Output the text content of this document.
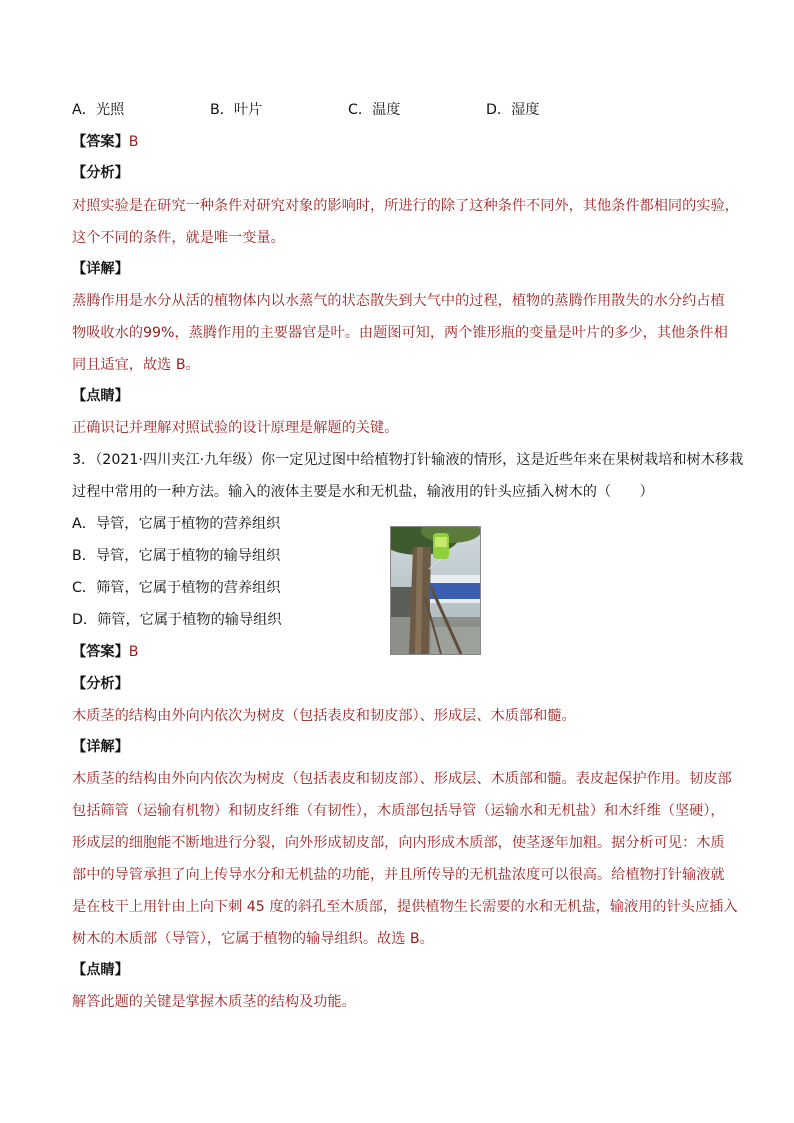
A．光照	B．叶片	C．温度	D．湿度
【答案】B
【分析】
对照实验是在研究一种条件对研究对象的影响时，所进行的除了这种条件不同外，其他条件都相同的实验，
这个不同的条件，就是唯一变量。
【详解】
蒸腾作用是水分从活的植物体内以水蒸气的状态散失到大气中的过程，植物的蒸腾作用散失的水分约占植
物吸收水的99%，蒸腾作用的主要器官是叶。由题图可知，两个锥形瓶的变量是叶片的多少，其他条件相
同且适宜，故选 B。
【点睛】
正确识记并理解对照试验的设计原理是解题的关键。
3．（2021·四川夹江·九年级）你一定见过图中给植物打针输液的情形，这是近些年来在果树栽培和树木移栽
过程中常用的一种方法。输入的液体主要是水和无机盐，输液用的针头应插入树木的（　　）
A．导管，它属于植物的营养组织
B．导管，它属于植物的输导组织
C．筛管，它属于植物的营养组织
D．筛管，它属于植物的输导组织
【答案】B
【分析】
木质茎的结构由外向内依次为树皮（包括表皮和韧皮部）、形成层、木质部和髓。
【详解】
木质茎的结构由外向内依次为树皮（包括表皮和韧皮部）、形成层、木质部和髓。表皮起保护作用。韧皮部
包括筛管（运输有机物）和韧皮纤维（有韧性），木质部包括导管（运输水和无机盐）和木纤维（坚硬），
形成层的细胞能不断地进行分裂，向外形成韧皮部，向内形成木质部，使茎逐年加粗。据分析可见：木质
部中的导管承担了向上传导水分和无机盐的功能，并且所传导的无机盐浓度可以很高。给植物打针输液就
是在枝干上用针由上向下刺 45 度的斜孔至木质部，提供植物生长需要的水和无机盐，输液用的针头应插入
树木的木质部（导管），它属于植物的输导组织。故选 B。
【点睛】
解答此题的关键是掌握木质茎的结构及功能。
